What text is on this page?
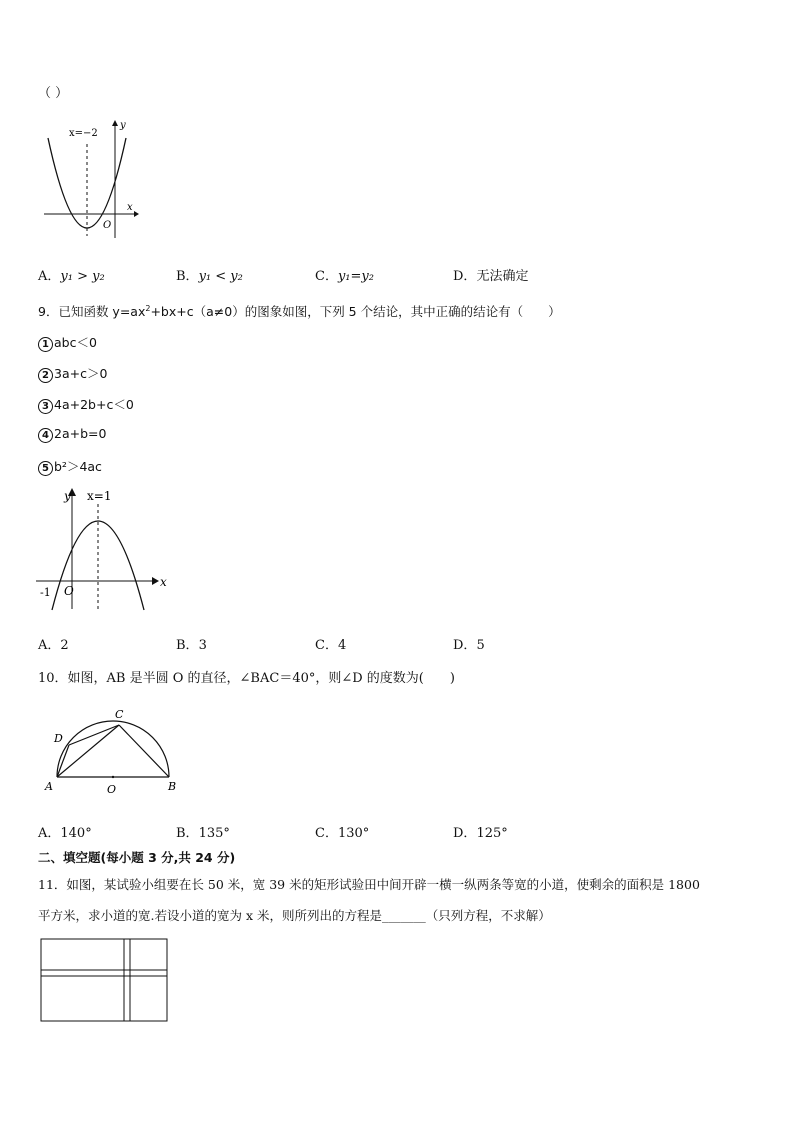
（ ）
x=−2
y
x
O
A．y₁ > y₂	B．y₁ < y₂	C．y₁=y₂	D．无法确定
9．已知函数 $y=ax^2+bx+c(a\ne 0)$的图象如图，下列 5 个结论，其中正确的结论有（　　）
1 abc＜0
2 3a+c＞0
3 4a+2b+c＜0
4 2a+b=0
5 b²＞4ac
y x=1
x
-1 O
A．2	B．3	C．4	D．5
10．如图，AB 是半圆 O 的直径，∠BAC＝40°，则∠D 的度数为(　　)
C
D
A	O	B
A．140°	B．135°	C．130°	D．125°
二、填空题(每小题 3 分,共 24 分)
11．如图，某试验小组要在长 50 米，宽 39 米的矩形试验田中间开辟一横一纵两条等宽的小道，使剩余的面积是 1800
平方米，求小道的宽.若设小道的宽为 x 米，则所列出的方程是_______（只列方程，不求解）
